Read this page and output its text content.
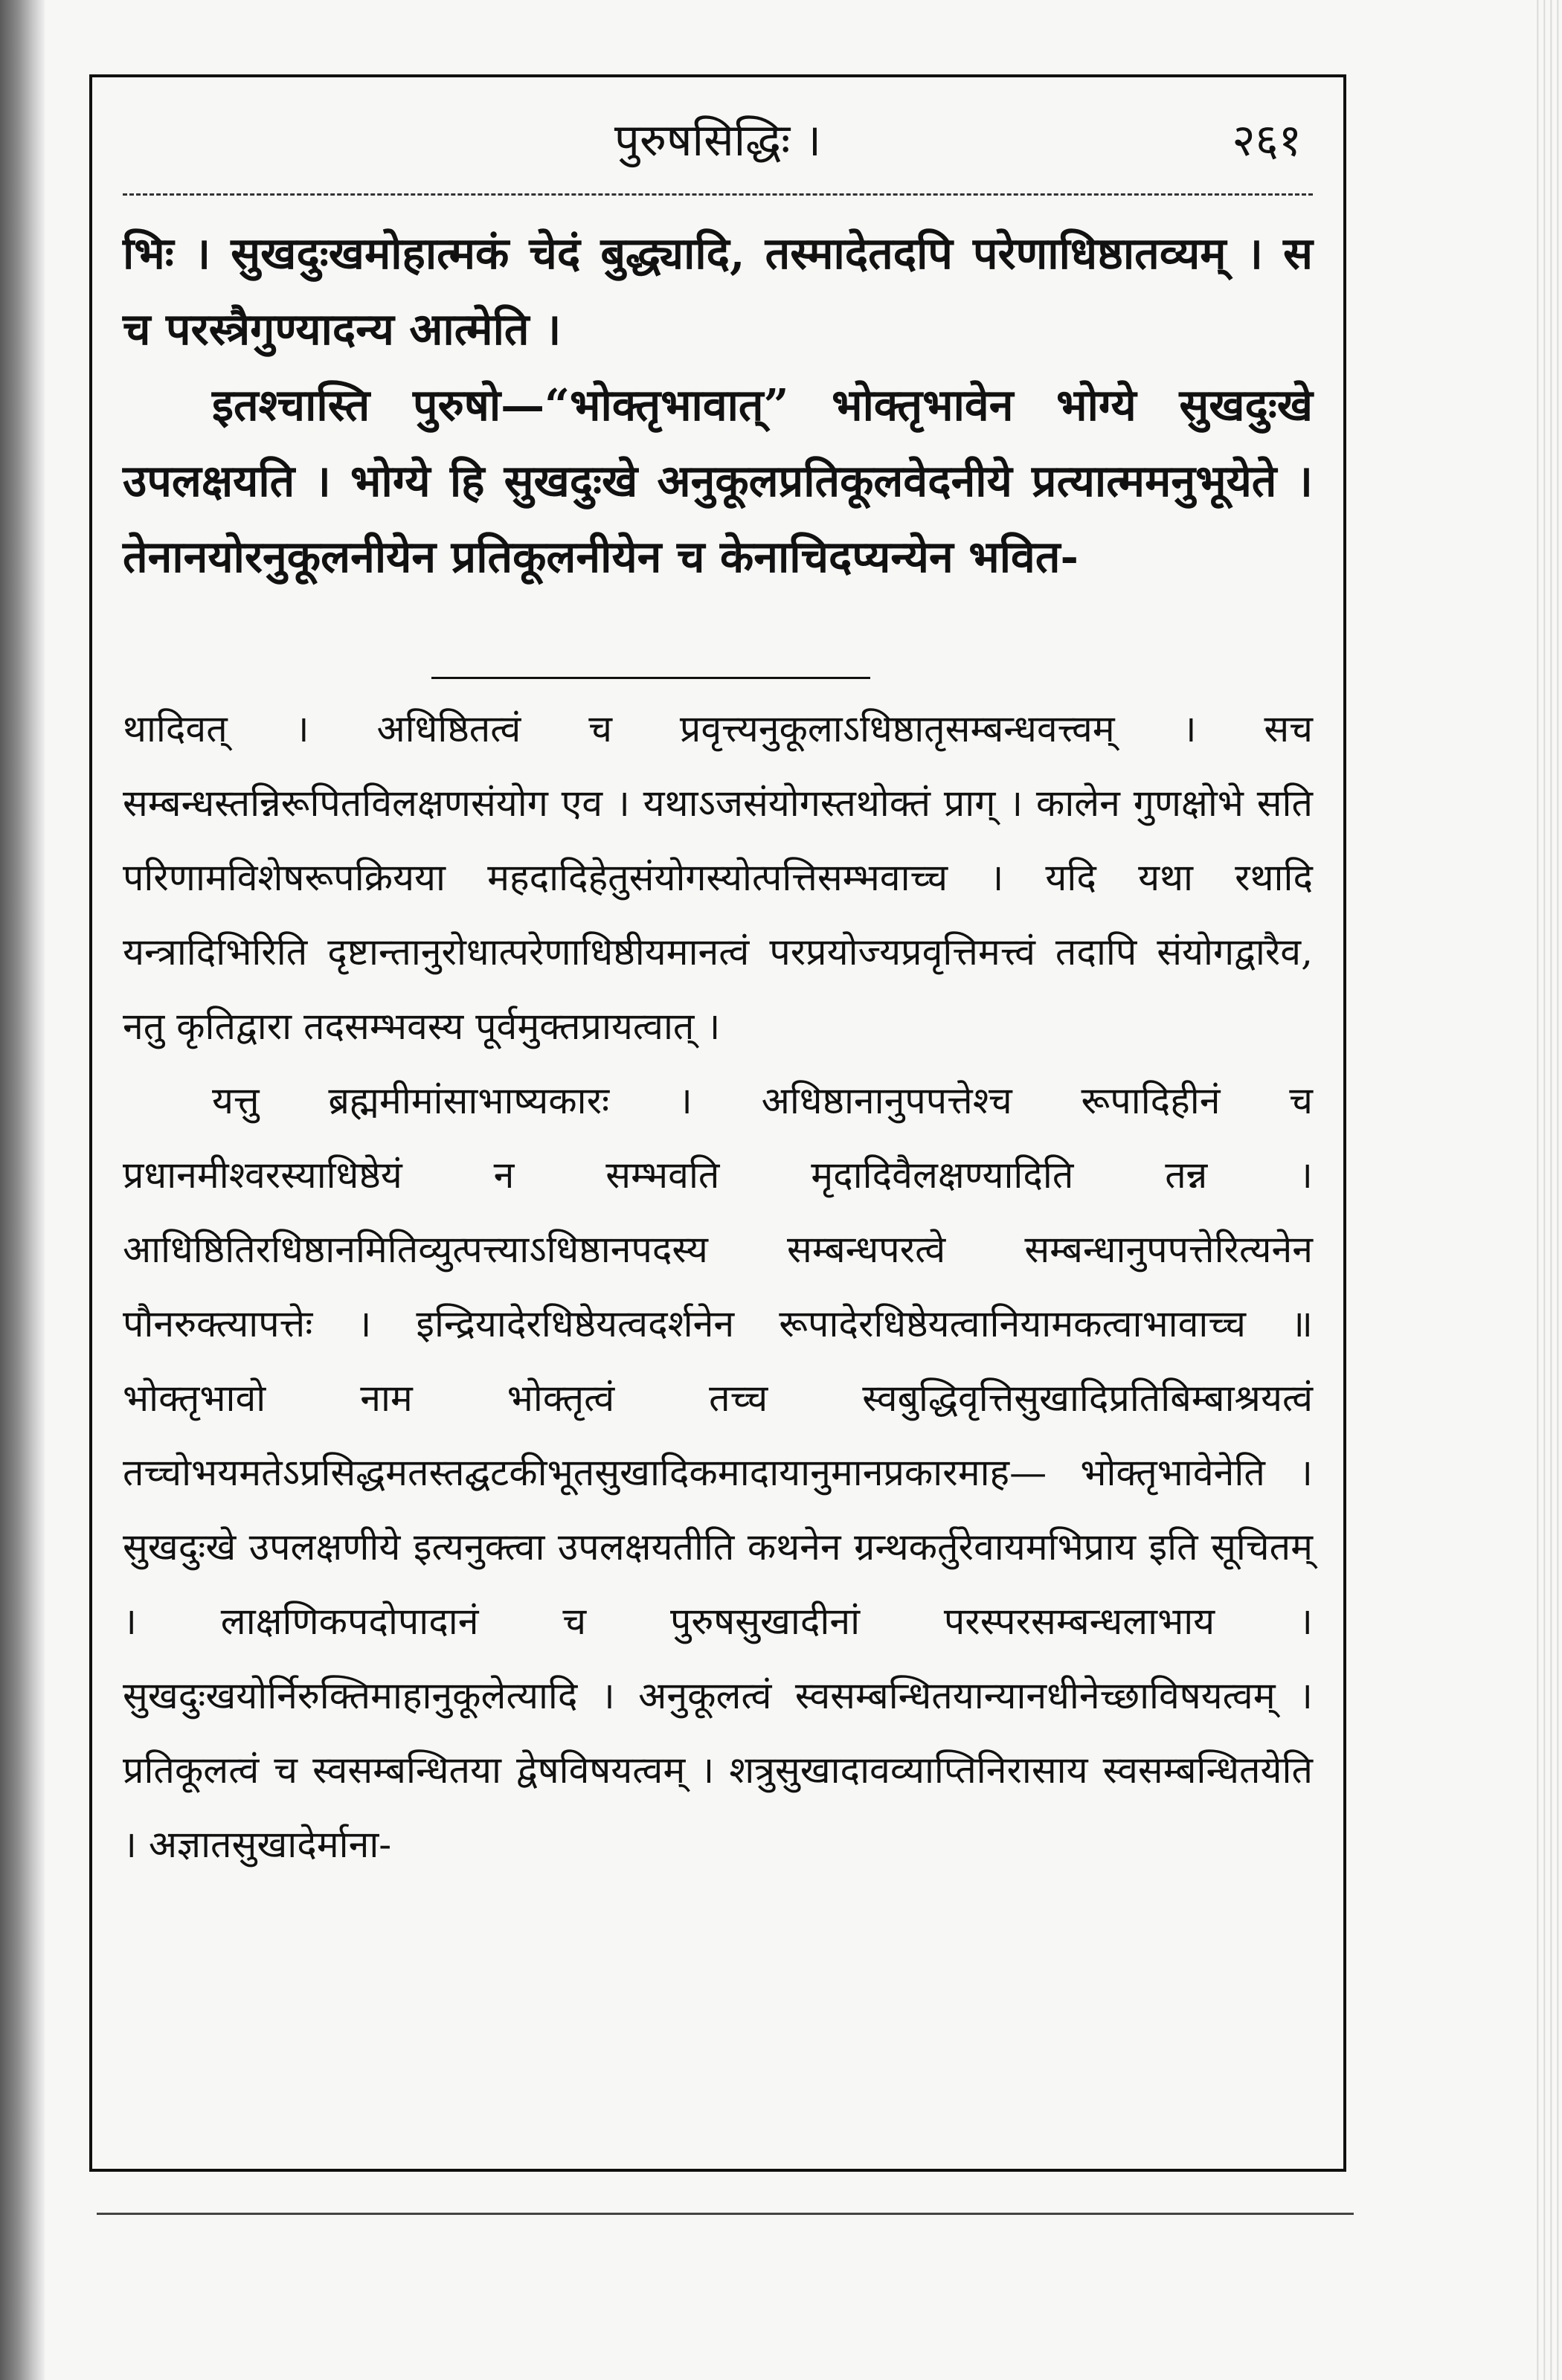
पुरुषसिद्धिः ।	२६१

भिः । सुखदुःखमोहात्मकं चेदं बुद्ध्यादि, तस्मादेतदपि परेणाधिष्ठातव्यम् । स च परस्त्रैगुण्यादन्य आत्मेति ।

इतश्चास्ति पुरुषो—“भोक्तृभावात्” भोक्तृभावेन भोग्ये सुखदुःखे उपलक्षयति । भोग्ये हि सुखदुःखे अनुकूलप्रतिकूलवेदनीये प्रत्यात्ममनुभूयेते । तेनानयोरनुकूलनीयेन प्रतिकूलनीयेन च केनाचिदप्यन्येन भवित-

थादिवत् । अधिष्ठितत्वं च प्रवृत्त्यनुकूलाऽधिष्ठातृसम्बन्धवत्त्वम् । सच सम्बन्धस्तन्निरूपितविलक्षणसंयोग एव । यथाऽजसंयोगस्तथोक्तं प्राग् । कालेन गुणक्षोभे सति परिणामविशेषरूपक्रियया महदादिहेतुसंयोगस्योत्पत्तिसम्भवाच्च । यदि यथा रथादि यन्त्रादिभिरिति दृष्टान्तानुरोधात्परेणाधिष्ठीयमानत्वं परप्रयोज्यप्रवृत्तिमत्त्वं तदापि संयोगद्वारैव, नतु कृतिद्वारा तदसम्भवस्य पूर्वमुक्तप्रायत्वात् ।

यत्तु ब्रह्ममीमांसाभाष्यकारः । अधिष्ठानानुपपत्तेश्च रूपादिहीनं च प्रधानमीश्वरस्याधिष्ठेयं न सम्भवति मृदादिवैलक्षण्यादिति तन्न । आधिष्ठितिरधिष्ठानमितिव्युत्पत्त्याऽधिष्ठानपदस्य सम्बन्धपरत्वे सम्बन्धानुपपत्तेरित्यनेन पौनरुक्त्यापत्तेः । इन्द्रियादेरधिष्ठेयत्वदर्शनेन रूपादेरधिष्ठेयत्वानियामकत्वाभावाच्च ॥ भोक्तृभावो नाम भोक्तृत्वं तच्च स्वबुद्धिवृत्तिसुखादिप्रतिबिम्बाश्रयत्वं तच्चोभयमतेऽप्रसिद्धमतस्तद्घटकीभूतसुखादिकमादायानुमानप्रकारमाह— भोक्तृभावेनेति । सुखदुःखे उपलक्षणीये इत्यनुक्त्वा उपलक्षयतीति कथनेन ग्रन्थकर्तुरेवायमभिप्राय इति सूचितम् । लाक्षणिकपदोपादानं च पुरुषसुखादीनां परस्परसम्बन्धलाभाय । सुखदुःखयोर्निरुक्तिमाहानुकूलेत्यादि । अनुकूलत्वं स्वसम्बन्धितयान्यानधीनेच्छाविषयत्वम् । प्रतिकूलत्वं च स्वसम्बन्धितया द्वेषविषयत्वम् । शत्रुसुखादावव्याप्तिनिरासाय स्वसम्बन्धितयेति । अज्ञातसुखादेर्माना-
